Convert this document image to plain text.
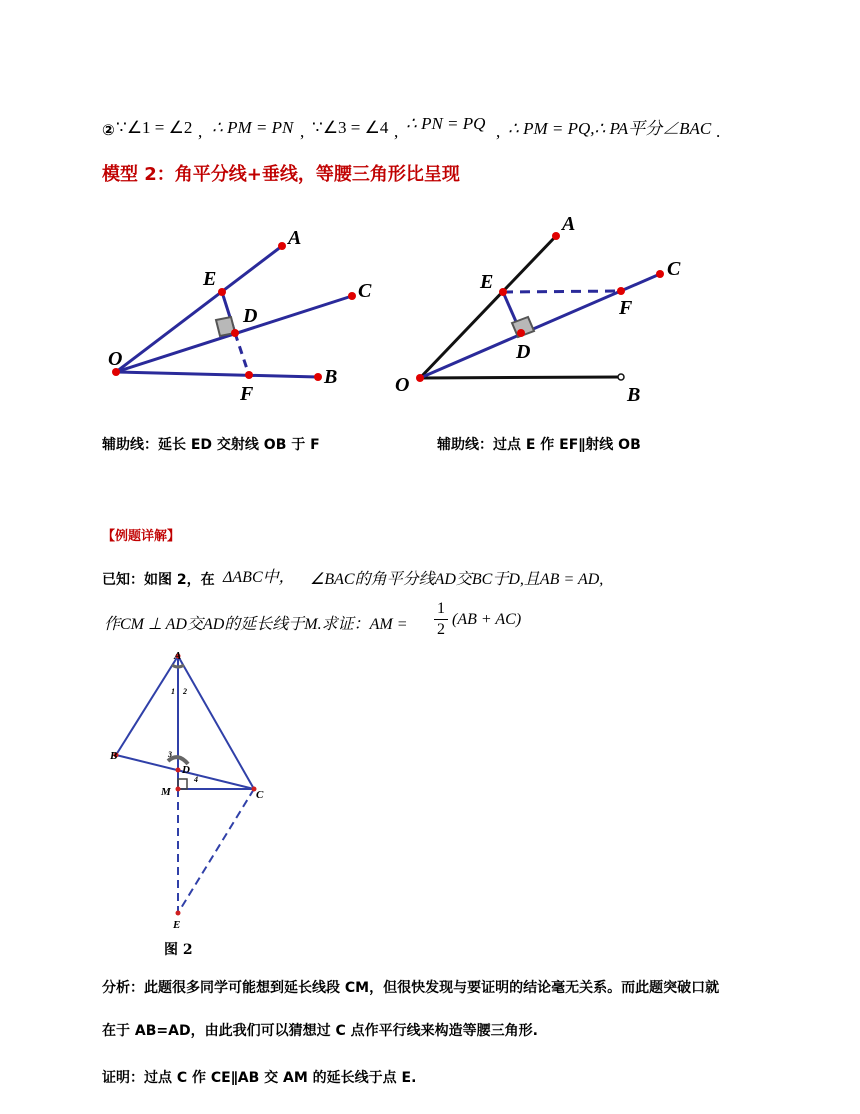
② ∵∠1 = ∠2 , ∴ PM = PN , ∵∠3 = ∠4 , ∴ PN = PQ , ∴ PM = PQ,∴ PA平分∠BAC .
模型 2：角平分线+垂线，等腰三角形比呈现
A
E
C
D
O
F
B
A
E
C
F
D
O	B
辅助线：延长 ED 交射线 OB 于 F	辅助线：过点 E 作 EF∥射线 OB
【例题详解】
已知：如图 2，在 ΔABC中， ∠BAC的角平分线AD交BC于D,且AB = AD,
作CM ⊥ AD交AD的延长线于M.求证：AM =
1
2
(AB + AC)
A
B
D
M	C
E
1 2
3
4
图 2
分析：此题很多同学可能想到延长线段 CM，但很快发现与要证明的结论毫无关系。而此题突破口就
在于 AB=AD，由此我们可以猜想过 C 点作平行线来构造等腰三角形.
证明：过点 C 作 CE∥AB 交 AM 的延长线于点 E.
